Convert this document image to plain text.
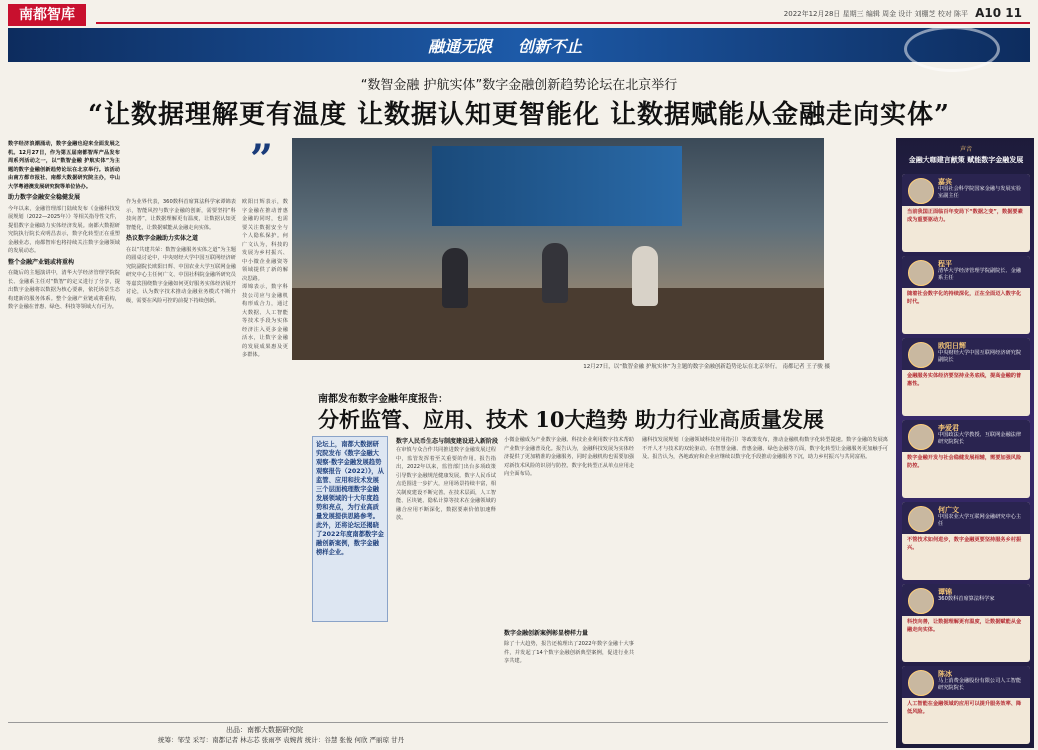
南都智库	2022年12月28日 星期三 编辑 周金 设计 刘棚芝 校对 陈平 A10 11
融通无限 创新不止
“数智金融 护航实体”数字金融创新趋势论坛在北京举行
“让数据理解更有温度 让数据认知更智能化 让数据赋能从金融走向实体”
数字经济浪潮涌动，数字金融也迎来全面发展之机。12月27日，作为第五届南都智库产品发布周系列活动之一，以“数智金融 护航实体”为主题的数字金融创新趋势论坛在北京举行。该活动由南方都市报社、南都大数据研究院主办，中山大学粤港澳发展研究院等单位协办。
助力数字金融安全稳健发展
今年以来，金融管理部门陆续发布《金融科技发展规划（2022—2025年）》等相关指导性文件，提倡数字金融助力实体经济发展。南都大数据研究院执行院长戎明昌表示，数字化转型正在重塑金融业态，南都智库也将持续关注数字金融领域的发展动态。
整个金融产业链或将重构
在随后的主题演讲中，清华大学经济管理学院院长、金融系主任对“数智”的定义进行了分享，提出数字金融将以数据为核心要素，依托场景生态构建新的服务体系。整个金融产业链或将重构，数字金融在普惠、绿色、科技等领域大有可为。
作为业界代表，360数科首席算法科学家谭锦表示，智能风控与数字金融的创新，需要坚持“科技向善”，让数据理解更有温度，让数据认知更智能化，让数据赋能从金融走向实体。
热议数字金融助力实体之道
在以“共建共荣：数智金融服务实体之道”为主题的圆桌讨论中，中央财经大学中国互联网经济研究院副院长欧阳日辉、中国农业大学互联网金融研究中心主任何广文、中国社科院金融所研究员等嘉宾围绕数字金融如何更好服务实体经济展开讨论，认为数字技术推动金融业务模式不断升级，需要在风险可控的前提下持续创新。
欧阳日辉表示，数字金融在推动普惠金融的同时，也需要关注数据安全与个人隐私保护。何广文认为，科技的发展为乡村振兴、中小微企业融资等领域提供了新的解决思路。
谭锦表示，数字科技公司应与金融机构形成合力，通过大数据、人工智能等技术手段为实体经济注入更多金融活水，让数字金融的发展成果惠及更多群体。
”
12月27日，以“数智金融 护航实体”为主题的数字金融创新趋势论坛在北京举行。 南都记者 王子骏 摄
南都发布数字金融年度报告：
分析监管、应用、技术 10大趋势 助力行业高质量发展
论坛上，南都大数据研究院发布《数字金融大观察·数字金融发展趋势观察报告（2022）》，从监管、应用和技术发展三个层面梳理数字金融发展领域的十大年度趋势和亮点，为行业高质量发展提供思路参考。此外，还将论坛还揭晓了2022年度南都数字金融创新案例，数字金融榜样企业。
数字人民币生态与制度建设进入新阶段
在审慎与众合作共同推进数字金融发展过程中，监管发挥着至关重要的作用。报告指出，2022年以来，监管部门出台多项政策引导数字金融规范健康发展。数字人民币试点范围进一步扩大，应用场景持续丰富，相关制度建设不断完善。在技术层面，人工智能、区块链、隐私计算等技术在金融领域的融合应用不断深化，数据要素价值加速释放。
小微金融成为产业数字金融、科技企业利用数字技术帮助产业数字金融普及化。报告认为，金融科技发展为实体经济提供了更加精准的金融服务，同时金融机构也需要加强对新技术风险的识别与防控。数字化转型正从单点应用走向全面布局。
数字金融创新案例彰显榜样力量
除了十大趋势，报告还梳理出了2022年数字金融十大事件，并发起了14个数字金融创新典型案例，促进行业共享共建。
融科技发展规划（金融领域科技应用指引）等政策发布，推动金融机构数字化转型提速。数字金融的发展离不开人才与技术的双轮驱动。在智慧金融、普惠金融、绿色金融等方面，数字化转型让金融服务更加触手可及。报告认为，各地政府和企业应继续以数字化手段推动金融服务下沉，助力乡村振兴与共同富裕。
出品：南都大数据研究院
统筹：邹莹 采写：南都记者 林志芯 张雨亭 袁婉茜 统计：谷慧 张俊 何欣 严丽琼 甘丹
声音
金融大咖建言献策 赋能数字金融发展
嘉宾
中国社会科学院国家金融与发展实验室副主任
当前我国正面临百年变局下“数据之变”，数据要素成为重要驱动力。
程平
清华大学经济管理学院副院长、金融系主任
随着社会数字化的持续深化，正在全面迈入数字化时代。
欧阳日辉
中央财经大学中国互联网经济研究院副院长
金融服务实体经济要坚持业务底线，提高金融的普惠性。
李爱君
中国政法大学教授、互联网金融法律研究院院长
数字金融开发与社会稳健发展相辅，需要加强风险防控。
何广文
中国农业大学互联网金融研究中心主任
不管技术如何进步，数字金融更要坚持服务乡村振兴。
谭锦
360数科首席算法科学家
科技向善，让数据理解更有温度，让数据赋能从金融走向实体。
陈冰
马上消费金融股份有限公司人工智能研究院院长
人工智能在金融领域的应用可以提升服务效率、降低风险。
